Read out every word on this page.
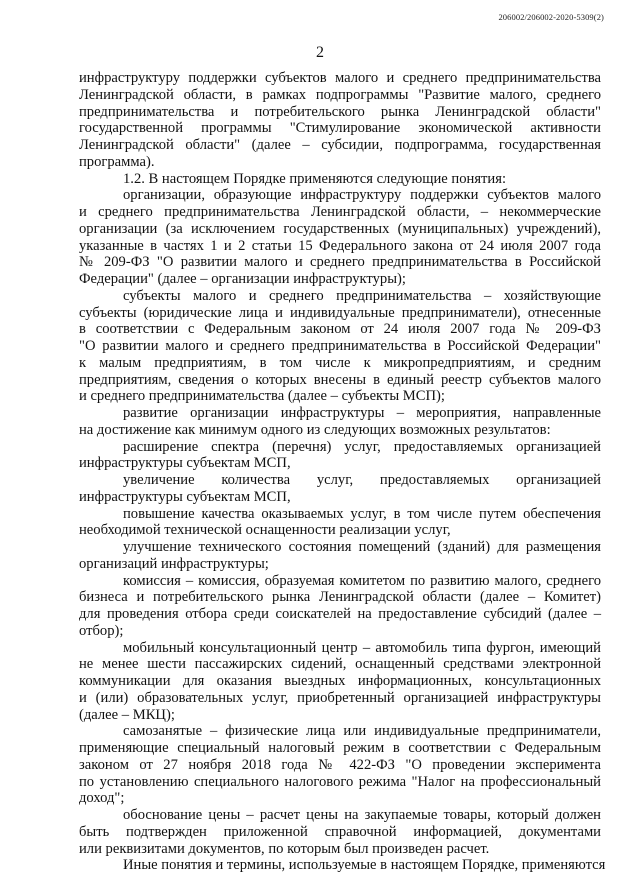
206002/206002-2020-5309(2)
2
инфраструктуру поддержки субъектов малого и среднего предпринимательства
Ленинградской области, в рамках подпрограммы "Развитие малого, среднего
предпринимательства и потребительского рынка Ленинградской области"
государственной программы "Стимулирование экономической активности
Ленинградской области" (далее – субсидии, подпрограмма, государственная
программа).
1.2. В настоящем Порядке применяются следующие понятия:
организации, образующие инфраструктуру поддержки субъектов малого
и среднего предпринимательства Ленинградской области, – некоммерческие
организации (за исключением государственных (муниципальных) учреждений),
указанные в частях 1 и 2 статьи 15 Федерального закона от 24 июля 2007 года
№ 209-ФЗ "О развитии малого и среднего предпринимательства в Российской
Федерации" (далее – организации инфраструктуры);
субъекты малого и среднего предпринимательства – хозяйствующие
субъекты (юридические лица и индивидуальные предприниматели), отнесенные
в соответствии с Федеральным законом от 24 июля 2007 года № 209-ФЗ
"О развитии малого и среднего предпринимательства в Российской Федерации"
к малым предприятиям, в том числе к микропредприятиям, и средним
предприятиям, сведения о которых внесены в единый реестр субъектов малого
и среднего предпринимательства (далее – субъекты МСП);
развитие организации инфраструктуры – мероприятия, направленные
на достижение как минимум одного из следующих возможных результатов:
расширение спектра (перечня) услуг, предоставляемых организацией
инфраструктуры субъектам МСП,
увеличение количества услуг, предоставляемых организацией
инфраструктуры субъектам МСП,
повышение качества оказываемых услуг, в том числе путем обеспечения
необходимой технической оснащенности реализации услуг,
улучшение технического состояния помещений (зданий) для размещения
организаций инфраструктуры;
комиссия – комиссия, образуемая комитетом по развитию малого, среднего
бизнеса и потребительского рынка Ленинградской области (далее – Комитет)
для проведения отбора среди соискателей на предоставление субсидий (далее –
отбор);
мобильный консультационный центр – автомобиль типа фургон, имеющий
не менее шести пассажирских сидений, оснащенный средствами электронной
коммуникации для оказания выездных информационных, консультационных
и (или) образовательных услуг, приобретенный организацией инфраструктуры
(далее – МКЦ);
самозанятые – физические лица или индивидуальные предприниматели,
применяющие специальный налоговый режим в соответствии с Федеральным
законом от 27 ноября 2018 года № 422-ФЗ "О проведении эксперимента
по установлению специального налогового режима "Налог на профессиональный
доход";
обоснование цены – расчет цены на закупаемые товары, который должен
быть подтвержден приложенной справочной информацией, документами
или реквизитами документов, по которым был произведен расчет.
Иные понятия и термины, используемые в настоящем Порядке, применяются
